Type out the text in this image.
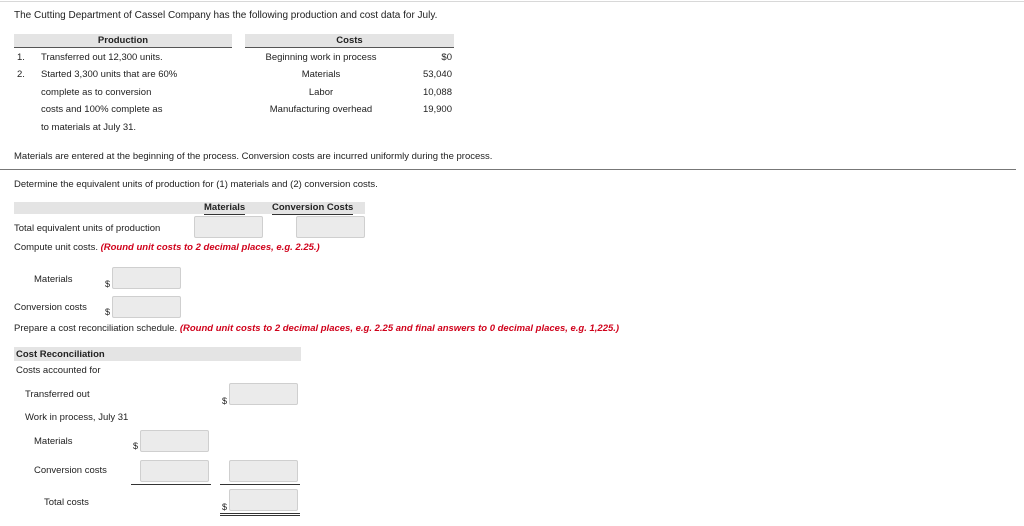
The Cutting Department of Cassel Company has the following production and cost data for July.
Production	Costs
1. Transferred out 12,300 units.
2. Started 3,300 units that are 60%
complete as to conversion
costs and 100% complete as
to materials at July 31.
Beginning work in process	$0
Materials	53,040
Labor	10,088
Manufacturing overhead	19,900
Materials are entered at the beginning of the process. Conversion costs are incurred uniformly during the process.
Determine the equivalent units of production for (1) materials and (2) conversion costs.
Materials	Conversion Costs
Total equivalent units of production
Compute unit costs. (Round unit costs to 2 decimal places, e.g. 2.25.)
Materials	$
Conversion costs $
Prepare a cost reconciliation schedule. (Round unit costs to 2 decimal places, e.g. 2.25 and final answers to 0 decimal places, e.g. 1,225.)
Cost Reconciliation
Costs accounted for
Transferred out
$
Work in process, July 31
Materials	$
Conversion costs
Total costs	$
